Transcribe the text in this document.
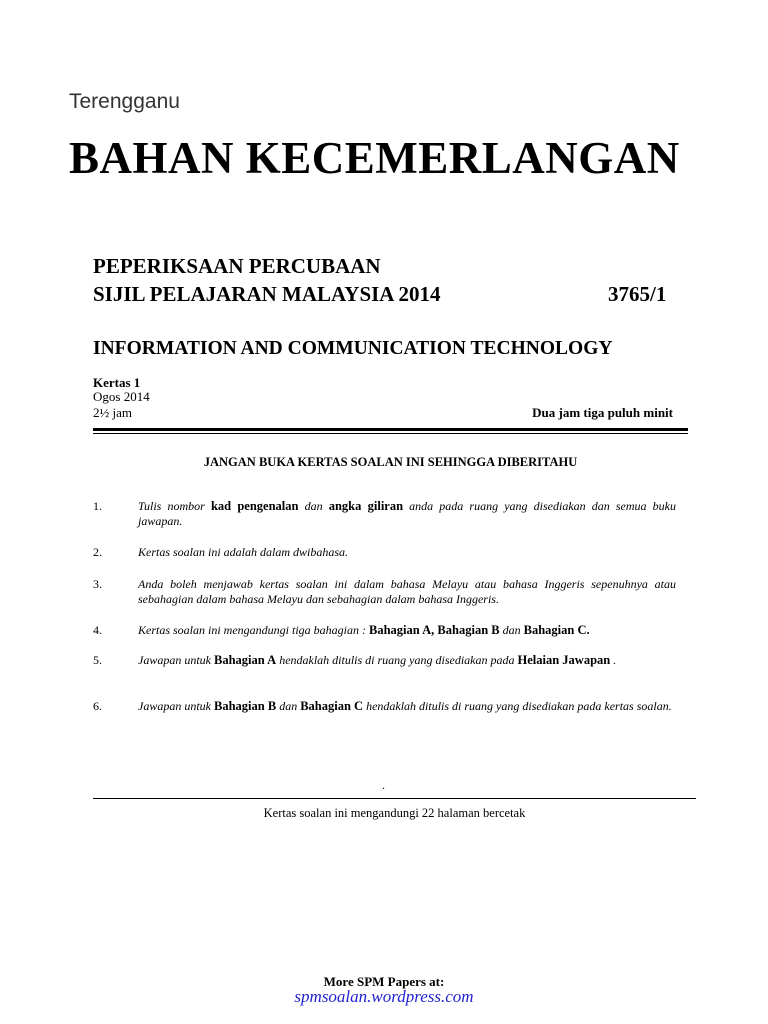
Terengganu
BAHAN KECEMERLANGAN
PEPERIKSAAN PERCUBAAN
SIJIL PELAJARAN MALAYSIA 2014	3765/1
INFORMATION AND COMMUNICATION TECHNOLOGY
Kertas 1
Ogos 2014
2½ jam	Dua jam tiga puluh minit
JANGAN BUKA KERTAS SOALAN INI SEHINGGA DIBERITAHU
1.	Tulis nombor kad pengenalan dan angka giliran anda pada ruang yang disediakan dan semua buku jawapan.
2.	Kertas soalan ini adalah dalam dwibahasa.
3.	Anda boleh menjawab kertas soalan ini dalam bahasa Melayu atau bahasa Inggeris sepenuhnya atau sebahagian dalam bahasa Melayu dan sebahagian dalam bahasa Inggeris.
4.	Kertas soalan ini mengandungi tiga bahagian : Bahagian A, Bahagian B dan Bahagian C.
5.	Jawapan untuk Bahagian A hendaklah ditulis di ruang yang disediakan pada Helaian Jawapan .
6.	Jawapan untuk Bahagian B dan Bahagian C hendaklah ditulis di ruang yang disediakan pada kertas soalan.
.
Kertas soalan ini mengandungi 22 halaman bercetak
More SPM Papers at:
spmsoalan.wordpress.com
